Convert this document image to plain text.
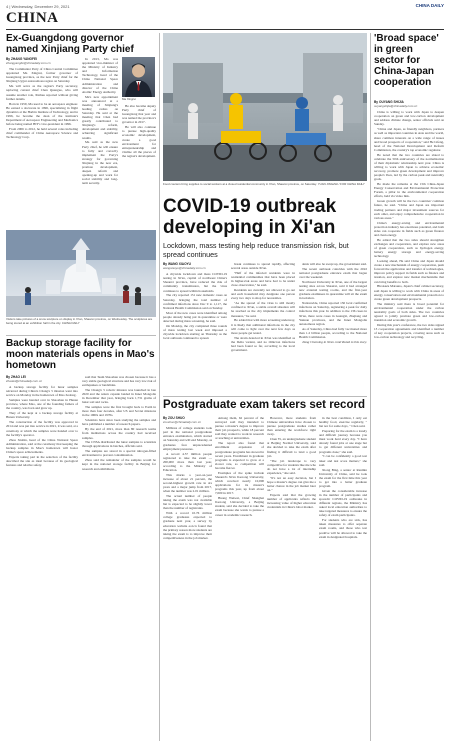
4 | Wednesday, December 29, 2021	CHINA DAILY
CHINA
Ex-Guangdong governor named Xinjiang Party chief
By ZHANG YANGFEI
zhangyangfei@chinadaily.com.cn

The Communist Party of China Central Committee appointed Ma Xingrui, former governor of Guangdong province, as the new Party chief for the Xinjiang Uygur autonomous region on Saturday.

Ma will serve as the region's Party secretary, replacing current chief Chen Quanguo, who will assume another role, Xinhua reported without giving further details.

Born in 1959, Ma used to be an aerospace engineer. He earned a doctorate in 1996, specializing in flight dynamics at the Harbin Institute of Technology, and in 1996, he became the dean of the institute's Department of Aerospace Engineering and Mechanics before being named HIT's vice-president in 1996.

From 2006 to 2012, he held several roles including chief commander of China Aerospace Science and Technology Corp.

In 2013, Ma was appointed vice-minister of the Ministry of Industry and Information Technology, head of the China National Space Administration and director of the China Atomic Energy Authority.

Ma's new appointment was announced at a meeting of Xinjiang's leading cadres on Saturday. He said at the meeting that Chen had greatly contributed to Xinjiang's reform, development and stability, achieving significant results.

Ma said as the new Party chief, he will ensure to fully and correctly implement the Party's strategy for governing Xinjiang in the new era, promote development, deepen reform and opening-up and work for social stability and long-term security.

Ma Xingrui

He also became deputy Party chief of Guangdong that year and was named the province's governor in 2017.

He will also continue to pursue high-quality economic development, create a good environment for entrepreneurship and vitalize all the pieces of the region's development.

Visitors take pictures of a snow sculpture on display in Xi'an, Shaanxi province, on Wednesday. The sculptures are being stored at an exhibition hall in the city. CHINA DAILY
Backup storage facility for moon materials opens in Mao's hometown
By ZHAO LEI
zhaolei@chinadaily.com.cn

A backup storage facility for lunar samples retrieved during China's Chang'e 5 mission went into service on Monday in the hometown of Mao Zedong.

Samples were handed over in Shaoshan in Hunan province, where Mao, one of the founding fathers of the country, was born and grew up.

They of the kept at a backup storage facility at Hunan University.

The construction of the facility was approved in 2014 and was put into service in 2021, it was said, at a ceremony at which the samples were handed over to the facility's operator.

Zhou Xiubin, head of the China National Space Administration, said at the ceremony that keeping the backup samples in Mao's hometown will honor China's space achievements.

Experts taking part in the selection of the facility described the site as ideal because of its geological features and relative safety.

said that Team Shaoshan was chosen because it has a very stable geological structure and has very low risk of earthquakes or landslides.

The Chang'e 5 robotic mission was launched in late 2020 and the return capsule landed in Inner Mongolia in December that year, bringing back 1,731 grams of lunar soil and rocks.

The samples were the first brought back to Earth in more than four decades, after US and Soviet missions in the 1960s and 1970s.

Scientists have since been studying the samples and have published a number of research papers.

By the end of 2021, more than 80 research teams from institutions across the country had received samples.

The CNSA distributed the lunar samples to scientists through applications in batches, officials said.

The samples are stored in a special nitrogen-filled environment to prevent contamination.

Zhou said the remainder of the samples would be kept in the national storage facility in Beijing for research and exhibitions.

Food couriers bring supplies to social workers at a closed residential community in Xi'an, Shaanxi province, on Saturday. YUAN JINGZHI / FOR CHINA DAILY
COVID-19 outbreak developing in Xi'an
Lockdown, mass testing help reduce transmission risk, but spread continues
By WANG XIAOYU
wangxiaoyu@chinadaily.com.cn

A citywide lockdown and mass COVID-19 testing in Xi'an, capital of northwest China's Shaanxi province, have reduced the risk of community transmission, but the virus continues to spread within households.

The city reported 151 new domestic cases on Saturday, bringing the total number of confirmed infections since Dec 9 to 1,117, the National Health Commission said on Sunday.

Most of the new cases were identified among people already being put in quarantine or were detected during mass screening, he said.

On Monday, the city completed three rounds of mass testing last week and imposed a citywide lockdown starting on Thursday as the local outbreak continued to spread.

break continues to spread rapidly, affecting several areas outside Xi'an.

"Half of the infected residents were in residential communities that have been placed in higher-risk areas and have had to be under close observation," he said.

Residents are currently not allowed to go out and each household may designate one person every two days to shop for necessities.

"As the spread of the virus is still mostly confined to Xi'an, a stable overall situation will be reached as the city implements the control measures," he said.

He added that with more screening underway, it is likely that additional infections in the city will come to light over the next few days as more people get tested.

The strain detected in Xi'an was identified as the Delta variant, and no Omicron infections had been found so far, according to the local government.

dents will also be swept up, the government said.

The recent outbreak coincides with the 2022 national postgraduate entrance exam that began over the weekend.

Northwest University in Xi'an, one of the largest testing sites across Shaanxi, said it had arranged new external testing rooms, and the first-year graduate examinees in quarantine will sit the exam in isolation.

Nationwide, China reported 136 local confirmed infections on Saturday, registering a peak for daily infections this year. In addition to the 136 cases in Xi'an, there were cases in Guangxi, Zhejiang and Yunnan provinces, and the Inner Mongolia autonomous region.

As of Saturday, China had fully vaccinated more than 1.2 billion people, according to the National Health Commission.

Jiang Chenxing in Xi'an contributed to this story.

Postgraduate exam takers set record
By ZOU SHUO
zoushuo@chinadaily.com.cn

Millions of college students took part in the national postgraduate entrance examination, which started on Saturday and will end Monday, as graduates face unprecedented employment pressures.

A record 4.57 million people registered to take the exam — 200,000 more than last year, according to the Ministry of Education.

This marks a year-on-year increase of about 21 percent, the second-highest growth rate in six years and a major jump from 2017, when the number was 2.01 million.

The actual number of people taking the exam was not available but is expected to be slightly lower than the number of registrants.

With a record 10.76 million college graduates expected to graduate next year, a survey by education website eol.cn found that the primary reason more students are taking the exam is to improve their competitiveness in the job market.

Among them, 62 percent of the surveyed said they intended to pursue a master's degree to improve their job prospects, while 18 percent said they wanted to work in research or teaching at universities.

The report also found that enrollment expansion of postgraduate programs has slowed in recent years. Enrollment in graduate programs is expected to grow at a slower rate, so competition will become fiercer.

Examples of the spike include Shaanxi's Xi'an Jiaotong University, which received nearly 10,000 applications for its master's programs this year, up from about 7,000 in 2017.

Huang Weiwei, Chief Shanghai Jiaotong University, a Beijing student, said she decided to take the exam because she wants to pursue a career in academic research.

However, more students from Chinese universities have chosen to pursue postgraduate studies rather than entering the workforce right away.

Chen Yi, an undergraduate student at Beijing Normal University, said she decided to take the exam after finding it difficult to land a good job.

"The job landscape is very competitive for students like me who do not have a lot of internship experience," she said.

"It's not an easy decision, but I hope a master's degree can give me a better chance in the job market later on."

Experts said that the growing number of applicants reflects the increasing value of higher education credentials in China's labor market.

in the best condition, I only eat healthy food, exercise regularly, " but not for some days, " Chen said.

Preparing for the exam is a lonely and difficult journey because you must work hard every day. "I have already found jobs at one stage but to get different universities and programs done," she said.

"I can be confidently a good test taker and test score matters," she said.

Xiong Bing, a senior at Renmin University of China, said he took the exam for the first time this year to get into a better graduate program.

Given the considerable increase in the number of participants and sporadic COVID-19 outbreaks in different regions, the Ministry has asked local education authorities to take targeted measures to ensure the safety of exam participants.

For students who are sick, has taken measures to offer separate exam rooms, and those who test positive will be allowed to take the exam in designated hospitals.

'Broad space' in green sector for China-Japan cooperation
By OUYANG SHIJIA
ouyangshijia@chinadaily.com.cn

China is willing to work with Japan to deepen cooperation on green and low-carbon development and address climate change, senior officials said on Sunday.

"China and Japan, as friendly neighbors, partners as well as important countries in Asia and the world, share common interests on a wide range of issues and broad prospects of cooperation," said He Lifeng, head of the National Development and Reform Commission, the country's top economic regulator.

He noted that the two countries are slated to celebrate the 50th anniversary of the normalization of their diplomatic relationship next year. China is willing to work with Japan to achieve economic recovery, promote green development and improve people's lives, led by the carbon peak and neutrality goals.

He made the remarks at the 15th China-Japan Energy Conservation and Environmental Protection Forum, a pillar in the environmental cooperation efforts, held via video link.

Green growth will be the two countries' common future, he said. "China and Japan are important trading partners and major investment sources for each other, and enjoy comprehensive cooperation in various areas."

China's energy-saving and environmental protection industry has enormous potential, and both sides can cooperate in fields such as green finance and clean energy.

He added that the two sides should strengthen exchanges and cooperation, and explore new areas of green cooperation, such as hydrogen energy, battery energy storage and energy-saving technology.

Looking ahead, He said China and Japan should create a new mechanism of energy cooperation, push forward the application and transfer of technologies, improve policy support in fields such as finance and taxation, and explore new market mechanisms that can bring benefits to both.

Hirokazu Matsuno, Japan's chief cabinet secretary, said Japan is willing to work with China in areas of energy conservation and environmental protection to create green development prospects.

The ministry said there is broad potential for environmental cooperation under the carbon neutrality goals of both sides. The two countries agreed to jointly promote green and low-carbon transition and economic growth.

During this year's conference, the two sides signed 13 cooperation agreements and identified a number of key cooperation projects, covering areas such as low-carbon technology and recycling.
